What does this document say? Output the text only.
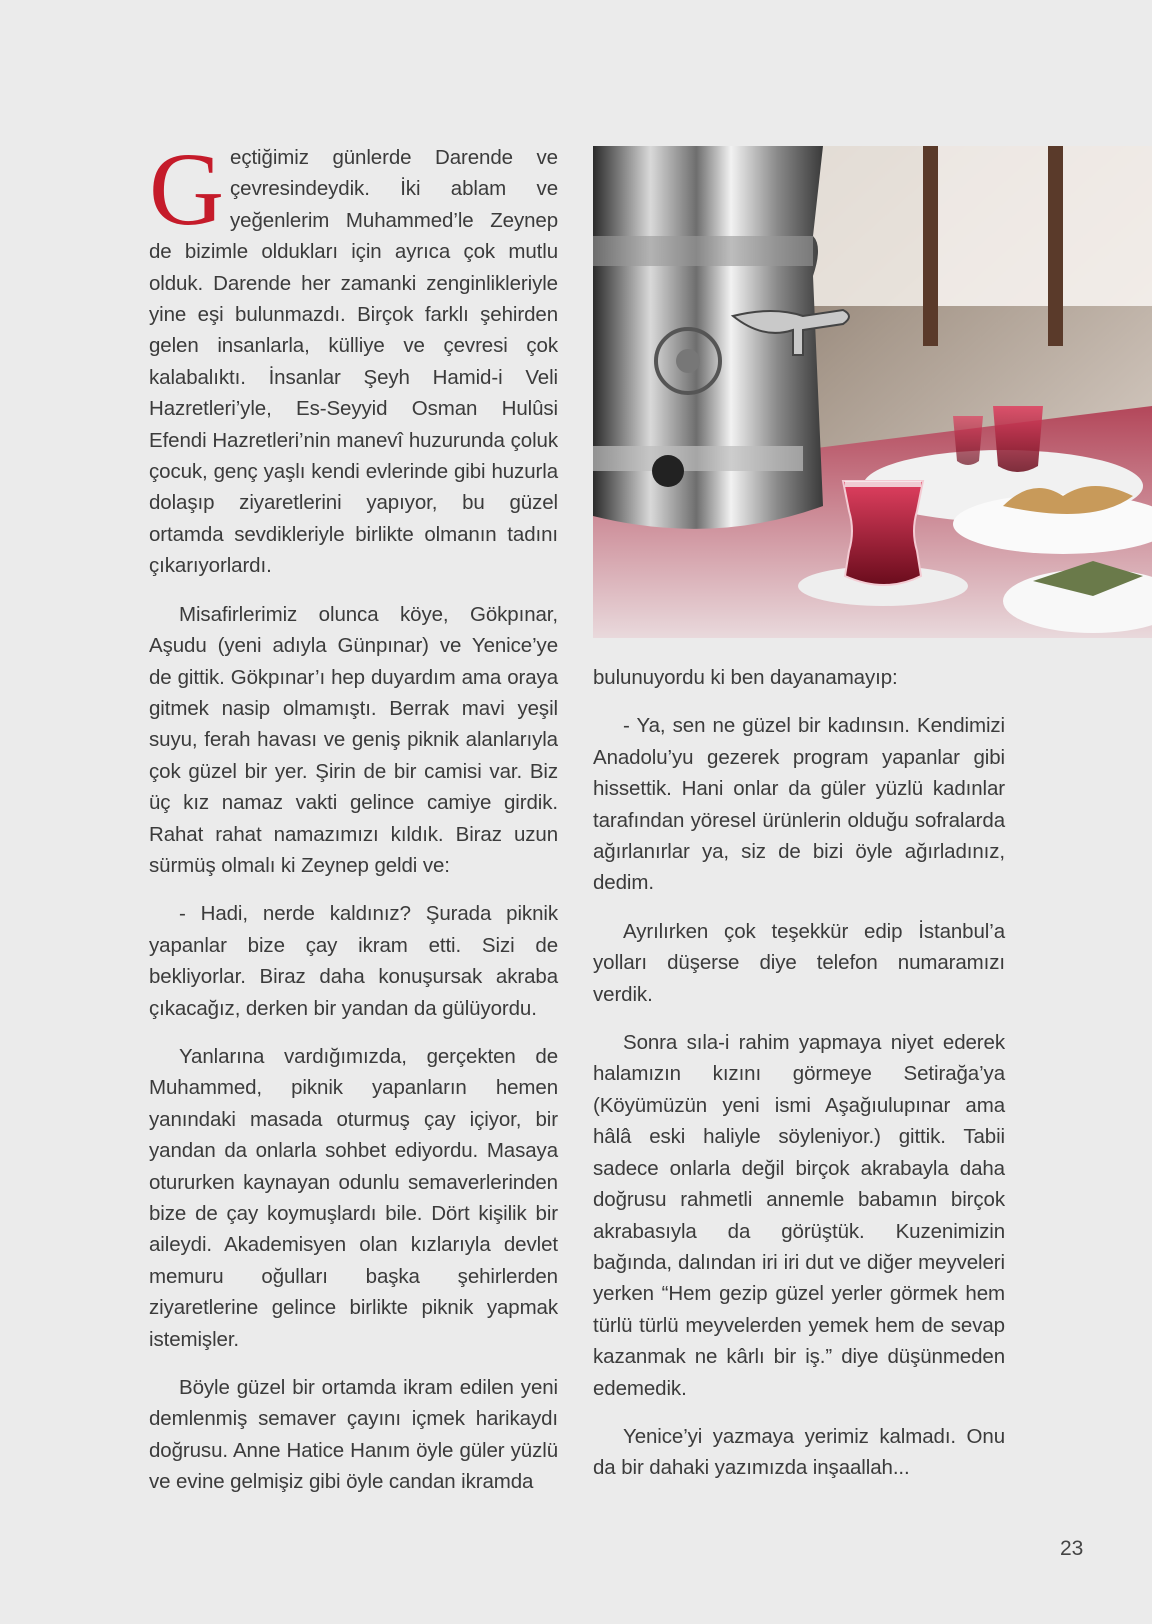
Geçtiğimiz günlerde Darende ve çevresindeydik. İki ablam ve yeğenlerim Muhammed’le Zeynep de bizimle oldukları için ayrıca çok mutlu olduk. Darende her zamanki zenginlikleriyle yine eşi bulunmazdı. Birçok farklı şehirden gelen insanlarla, külliye ve çevresi çok kalabalıktı. İnsanlar Şeyh Hamid-i Veli Hazretleri’yle, Es-Seyyid Osman Hulûsi Efendi Hazretleri’nin manevî huzurunda çoluk çocuk, genç yaşlı kendi evlerinde gibi huzurla dolaşıp ziyaretlerini yapıyor, bu güzel ortamda sevdikleriyle birlikte olmanın tadını çıkarıyorlardı.

Misafirlerimiz olunca köye, Gökpınar, Aşudu (yeni adıyla Günpınar) ve Yenice’ye de gittik. Gökpınar’ı hep duyardım ama oraya gitmek nasip olmamıştı. Berrak mavi yeşil suyu, ferah havası ve geniş piknik alanlarıyla çok güzel bir yer. Şirin de bir camisi var. Biz üç kız namaz vakti gelince camiye girdik. Rahat rahat namazımızı kıldık. Biraz uzun sürmüş olmalı ki Zeynep geldi ve:

- Hadi, nerde kaldınız? Şurada piknik yapanlar bize çay ikram etti. Sizi de bekliyorlar. Biraz daha konuşursak akraba çıkacağız, derken bir yandan da gülüyordu.

Yanlarına vardığımızda, gerçekten de Muhammed, piknik yapanların hemen yanındaki masada oturmuş çay içiyor, bir yandan da onlarla sohbet ediyordu. Masaya otururken kaynayan odunlu semaverlerinden bize de çay koymuşlardı bile. Dört kişilik bir aileydi. Akademisyen olan kızlarıyla devlet memuru oğulları başka şehirlerden ziyaretlerine gelince birlikte piknik yapmak istemişler.

Böyle güzel bir ortamda ikram edilen yeni demlenmiş semaver çayını içmek harikaydı doğrusu. Anne Hatice Hanım öyle güler yüzlü ve evine gelmişiz gibi öyle candan ikramda

bulunuyordu ki ben dayanamayıp:

- Ya, sen ne güzel bir kadınsın. Kendimizi Anadolu’yu gezerek program yapanlar gibi hissettik. Hani onlar da güler yüzlü kadınlar tarafından yöresel ürünlerin olduğu sofralarda ağırlanırlar ya, siz de bizi öyle ağırladınız, dedim.

Ayrılırken çok teşekkür edip İstanbul’a yolları düşerse diye telefon numaramızı verdik.

Sonra sıla-i rahim yapmaya niyet ederek halamızın kızını görmeye Setirağa’ya (Köyümüzün yeni ismi Aşağıulupınar ama hâlâ eski haliyle söyleniyor.) gittik. Tabii sadece onlarla değil birçok akrabayla daha doğrusu rahmetli annemle babamın birçok akrabasıyla da görüştük. Kuzenimizin bağında, dalından iri iri dut ve diğer meyveleri yerken “Hem gezip güzel yerler görmek hem türlü türlü meyvelerden yemek hem de sevap kazanmak ne kârlı bir iş.” diye düşünmeden edemedik.

Yenice’yi yazmaya yerimiz kalmadı. Onu da bir dahaki yazımızda inşaallah...

23
